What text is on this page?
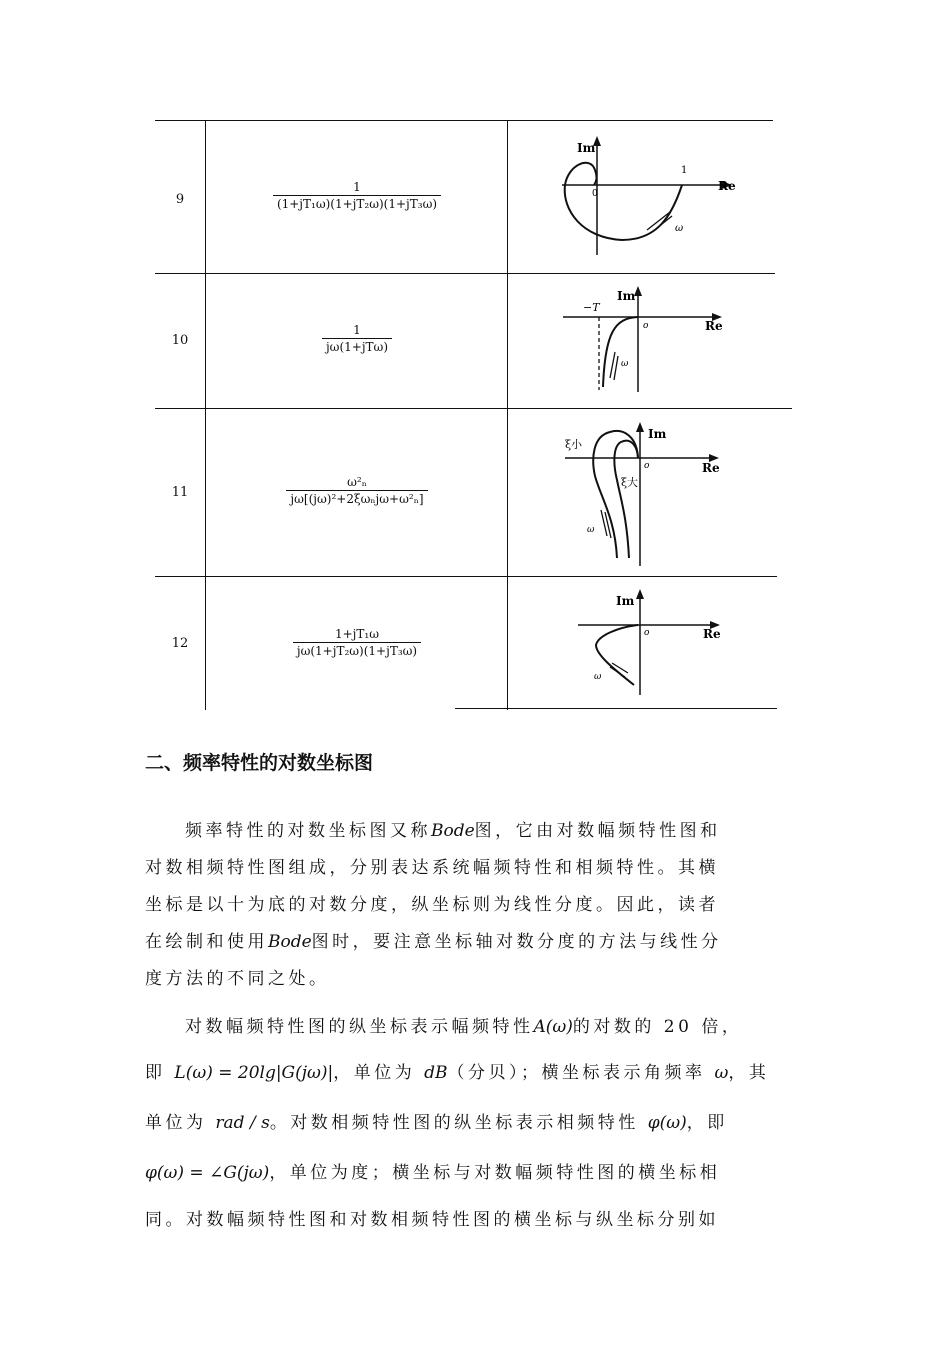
9	$\frac{1}{\text{(1+jT₁ω)(1+jT₂ω)(1+jT₃ω)}}$
Im
Re
0
1
ω
10	$\frac{1}{\text{jω(1+jTω)}}$
Im
Re
o
−T
ω
11	$\frac{\text{ω²ₙ}}{\text{jω[(jω)²+2ξωₙjω+ω²ₙ]}}$
Im
Re
o
ξ小
ξ大
ω
12	$\frac{\text{1+jT₁ω}}{\text{jω(1+jT₂ω)(1+jT₃ω)}}$
Im
Re
o
ω
二、频率特性的对数坐标图
频率特性的对数坐标图又称Bode图，它由对数幅频特性图和
对数相频特性图组成，分别表达系统幅频特性和相频特性。其横
坐标是以十为底的对数分度，纵坐标则为线性分度。因此，读者
在绘制和使用Bode图时，要注意坐标轴对数分度的方法与线性分
度方法的不同之处。
对数幅频特性图的纵坐标表示幅频特性A(ω)的对数的 20 倍，
即 L(ω) = 20lg|G(jω)|，单位为 dB（分贝）；横坐标表示角频率 ω，其
单位为 rad / s。对数相频特性图的纵坐标表示相频特性 φ(ω)，即
φ(ω) = ∠G(jω)，单位为度；横坐标与对数幅频特性图的横坐标相
同。对数幅频特性图和对数相频特性图的横坐标与纵坐标分别如
